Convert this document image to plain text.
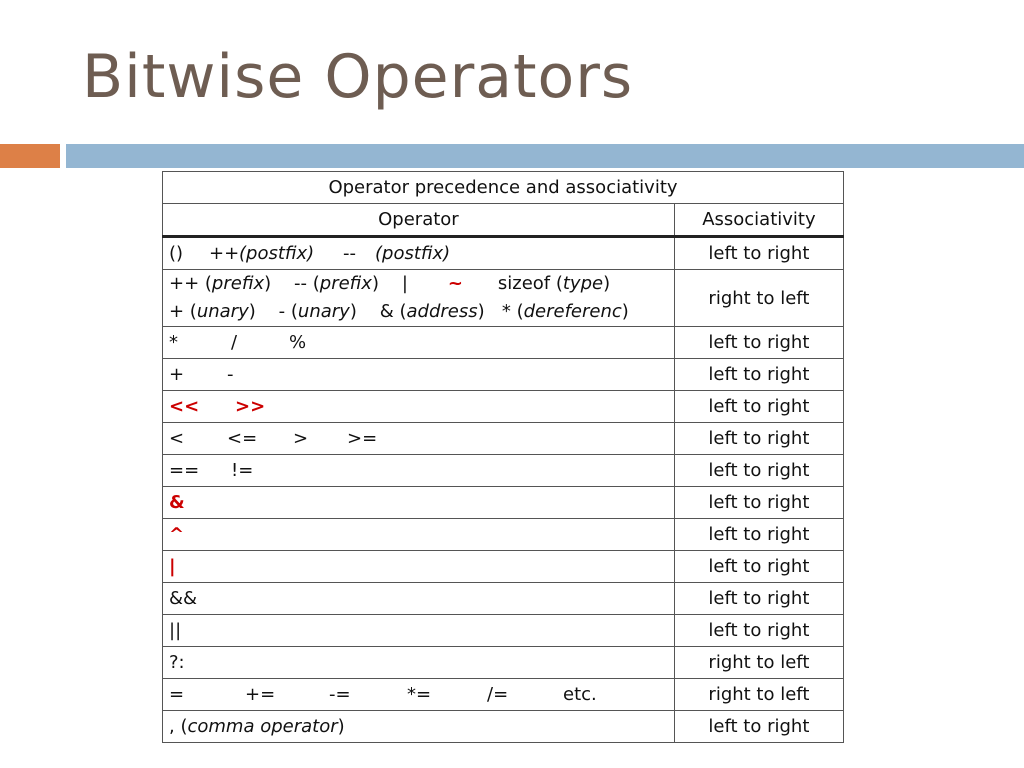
Bitwise Operators
Operator precedence and associativity	
Operator	Associativity
() ++(postfix) -- (postfix)	left to right

++ (prefix) -- (prefix) | ~ sizeof (type)
+ (unary) - (unary) & (address) * (dereferenc)	right to left
* / %	left to right
+ -	left to right
<< >>	left to right
< <= > >=	left to right
== !=	left to right
&	left to right
^	left to right
|	left to right
&&	left to right
||	left to right
?:	right to left
= += -= *= /= etc.	right to left
, (comma operator)	left to right
